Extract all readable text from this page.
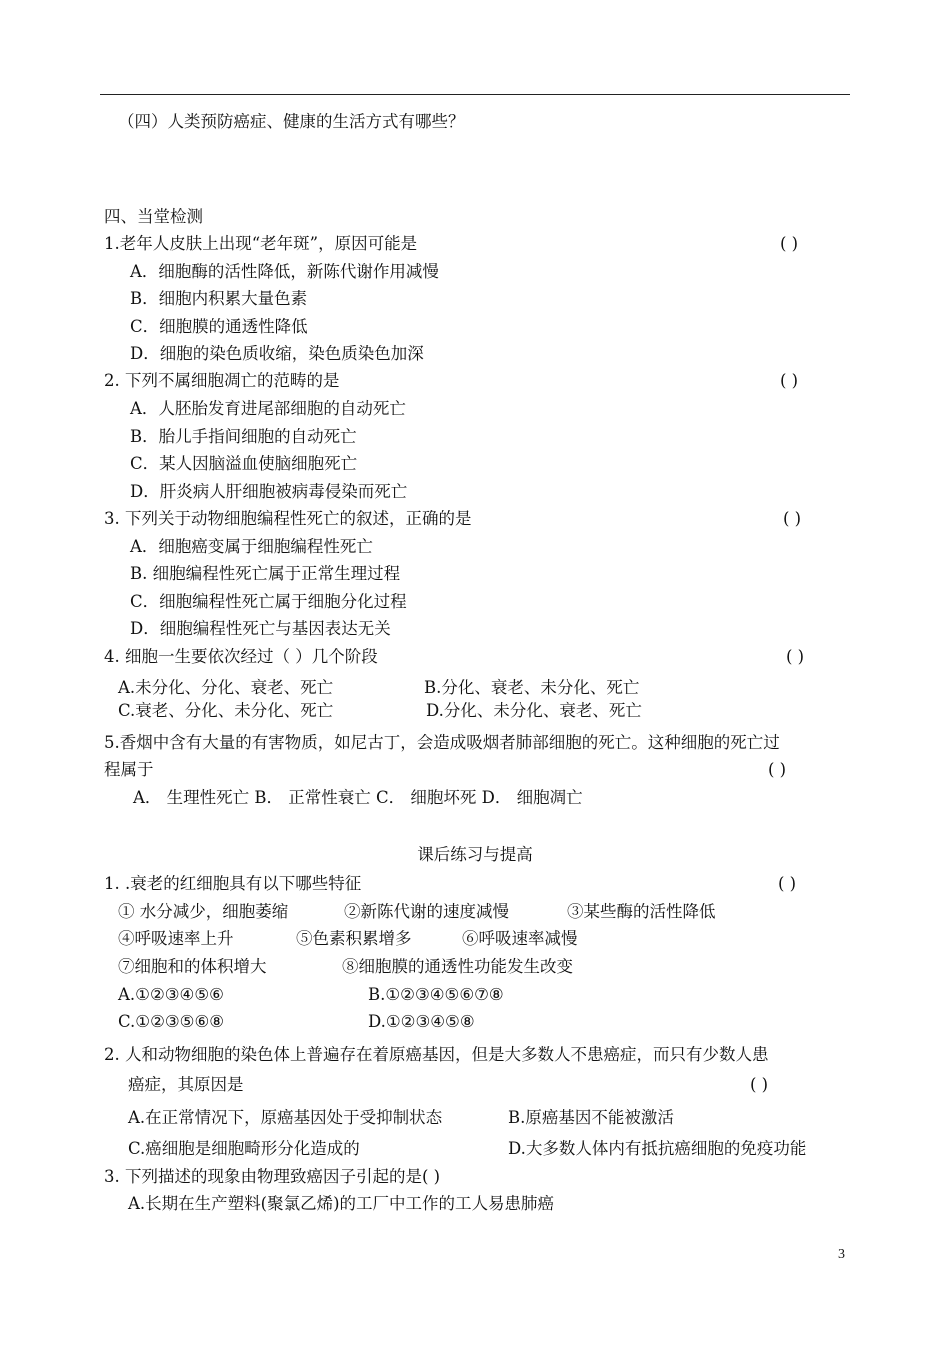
（四）人类预防癌症、健康的生活方式有哪些？
四、当堂检测
1.老年人皮肤上出现“老年斑”，原因可能是	( )
A．细胞酶的活性降低，新陈代谢作用减慢
B．细胞内积累大量色素
C．细胞膜的通透性降低
D．细胞的染色质收缩，染色质染色加深
2. 下列不属细胞凋亡的范畴的是	( )
A．人胚胎发育进尾部细胞的自动死亡
B．胎儿手指间细胞的自动死亡
C．某人因脑溢血使脑细胞死亡
D．肝炎病人肝细胞被病毒侵染而死亡
3. 下列关于动物细胞编程性死亡的叙述，正确的是	( )
A．细胞癌变属于细胞编程性死亡
B. 细胞编程性死亡属于正常生理过程
C．细胞编程性死亡属于细胞分化过程
D．细胞编程性死亡与基因表达无关
4. 细胞一生要依次经过（ ）几个阶段	( )
A.未分化、分化、衰老、死亡	B.分化、衰老、未分化、死亡
C.衰老、分化、未分化、死亡	D.分化、未分化、衰老、死亡
5.香烟中含有大量的有害物质，如尼古丁，会造成吸烟者肺部细胞的死亡。这种细胞的死亡过
程属于	( )
A． 生理性死亡 B． 正常性衰亡 C． 细胞坏死 D． 细胞凋亡
课后练习与提高
1. .衰老的红细胞具有以下哪些特征	( )
① 水分减少，细胞萎缩	②新陈代谢的速度减慢	③某些酶的活性降低
④呼吸速率上升	⑤色素积累增多	⑥呼吸速率减慢
⑦细胞和的体积增大	⑧细胞膜的通透性功能发生改变
A.①②③④⑤⑥	B.①②③④⑤⑥⑦⑧
C.①②③⑤⑥⑧	D.①②③④⑤⑧
2. 人和动物细胞的染色体上普遍存在着原癌基因，但是大多数人不患癌症，而只有少数人患
癌症，其原因是	( )
A.在正常情况下，原癌基因处于受抑制状态	B.原癌基因不能被激活
C.癌细胞是细胞畸形分化造成的	D.大多数人体内有抵抗癌细胞的免疫功能
3. 下列描述的现象由物理致癌因子引起的是( )
A.长期在生产塑料(聚氯乙烯)的工厂中工作的工人易患肺癌
3
